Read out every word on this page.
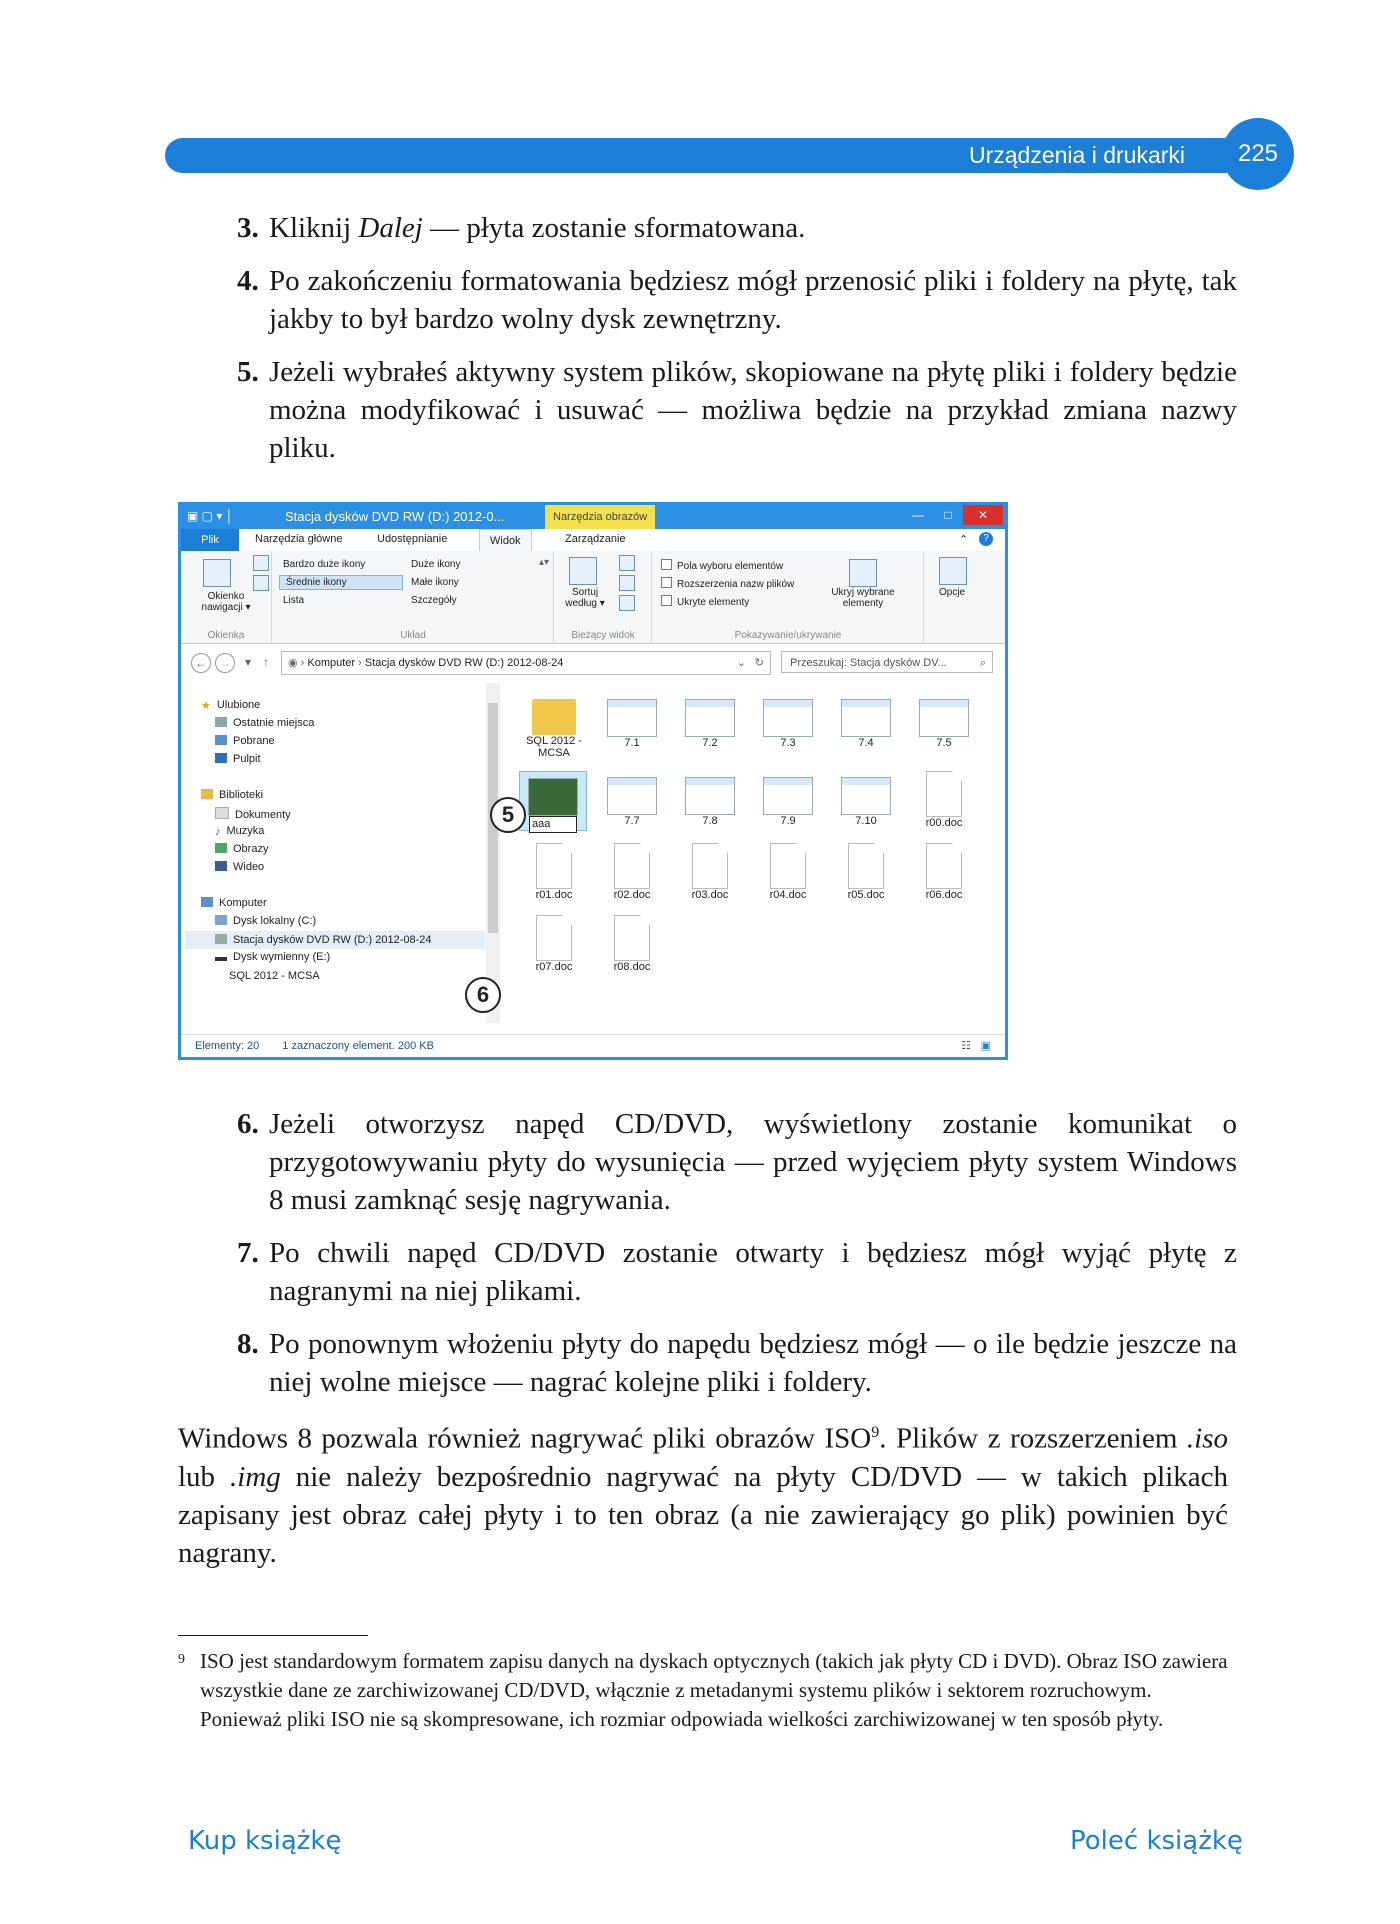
Urządzenia i drukarki	225
3. Kliknij Dalej — płyta zostanie sformatowana.
4. Po zakończeniu formatowania będziesz mógł przenosić pliki i foldery na płytę, tak jakby to był bardzo wolny dysk zewnętrzny.
5. Jeżeli wybrałeś aktywny system plików, skopiowane na płytę pliki i foldery będzie można modyfikować i usuwać — możliwa będzie na przykład zmiana nazwy pliku.
▣ ▢ ▾ │	Stacja dysków DVD RW (D:) 2012-0...	Narzędzia obrazów	—	□	✕
Plik	Narzędzia główne	Udostępnianie	Widok	Zarządzanie	⌃	?
Okienko nawigacji ▾
Okienka
Bardzo duże ikony	Duże ikony
Średnie ikony	Małe ikony
Lista	Szczegóły
▴▾
Układ
Sortuj według ▾
Bieżący widok
Pola wyboru elementów
Rozszerzenia nazw plików
Ukryte elementy
Ukryj wybrane elementy
Pokazywanie/ukrywanie
Opcje
←	→	▾ ↑	◉ › Komputer › Stacja dysków DVD RW (D:) 2012-08-24	⌄ ↻	Przeszukaj: Stacja dysków DV...	⌕
★ Ulubione
Ostatnie miejsca
Pobrane
Pulpit
Biblioteki
Dokumenty
♪ Muzyka
Obrazy
Wideo
Komputer
Dysk lokalny (C:)
Stacja dysków DVD RW (D:) 2012-08-24
Dysk wymienny (E:)
SQL 2012 - MCSA
SQL 2012 - MCSA
7.1	7.2	7.3	7.4	7.5
aaa	7.7	7.8	7.9	7.10	r00.doc
r01.doc	r02.doc	r03.doc	r04.doc	r05.doc	r06.doc
r07.doc	r08.doc
5
6
Elementy: 20 1 zaznaczony element. 200 KB	☷ ▣
6. Jeżeli otworzysz napęd CD/DVD, wyświetlony zostanie komunikat o przygotowywaniu płyty do wysunięcia — przed wyjęciem płyty system Windows 8 musi zamknąć sesję nagrywania.
7. Po chwili napęd CD/DVD zostanie otwarty i będziesz mógł wyjąć płytę z nagranymi na niej plikami.
8. Po ponownym włożeniu płyty do napędu będziesz mógł — o ile będzie jeszcze na niej wolne miejsce — nagrać kolejne pliki i foldery.
Windows 8 pozwala również nagrywać pliki obrazów ISO$^9$. Plików z rozszerzeniem .iso lub .img nie należy bezpośrednio nagrywać na płyty CD/DVD — w takich plikach zapisany jest obraz całej płyty i to ten obraz (a nie zawierający go plik) powinien być nagrany.
9 ISO jest standardowym formatem zapisu danych na dyskach optycznych (takich jak płyty CD i DVD). Obraz ISO zawiera wszystkie dane ze zarchiwizowanej CD/DVD, włącznie z metadanymi systemu plików i sektorem rozruchowym. Ponieważ pliki ISO nie są skompresowane, ich rozmiar odpowiada wielkości zarchiwizowanej w ten sposób płyty.
Kup książkę	Poleć książkę
